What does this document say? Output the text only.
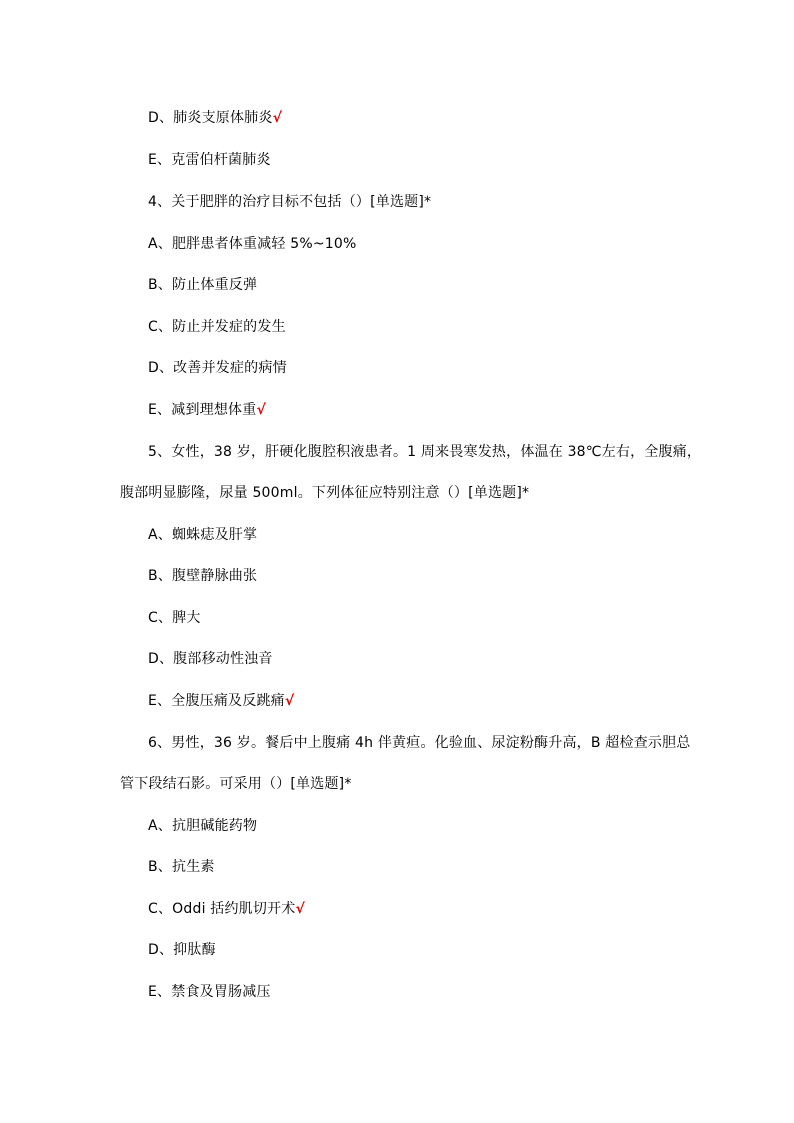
D、肺炎支原体肺炎√
E、克雷伯杆菌肺炎
4、关于肥胖的治疗目标不包括（）[单选题]*
A、肥胖患者体重减轻 5%~10%
B、防止体重反弹
C、防止并发症的发生
D、改善并发症的病情
E、减到理想体重√
5、女性，38 岁，肝硬化腹腔积液患者。1 周来畏寒发热，体温在 38℃左右，全腹痛，
腹部明显膨隆，尿量 500ml。下列体征应特别注意（）[单选题]*
A、蜘蛛痣及肝掌
B、腹壁静脉曲张
C、脾大
D、腹部移动性浊音
E、全腹压痛及反跳痛√
6、男性，36 岁。餐后中上腹痛 4h 伴黄疸。化验血、尿淀粉酶升高，B 超检查示胆总
管下段结石影。可采用（）[单选题]*
A、抗胆碱能药物
B、抗生素
C、Oddi 括约肌切开术√
D、抑肽酶
E、禁食及胃肠减压
